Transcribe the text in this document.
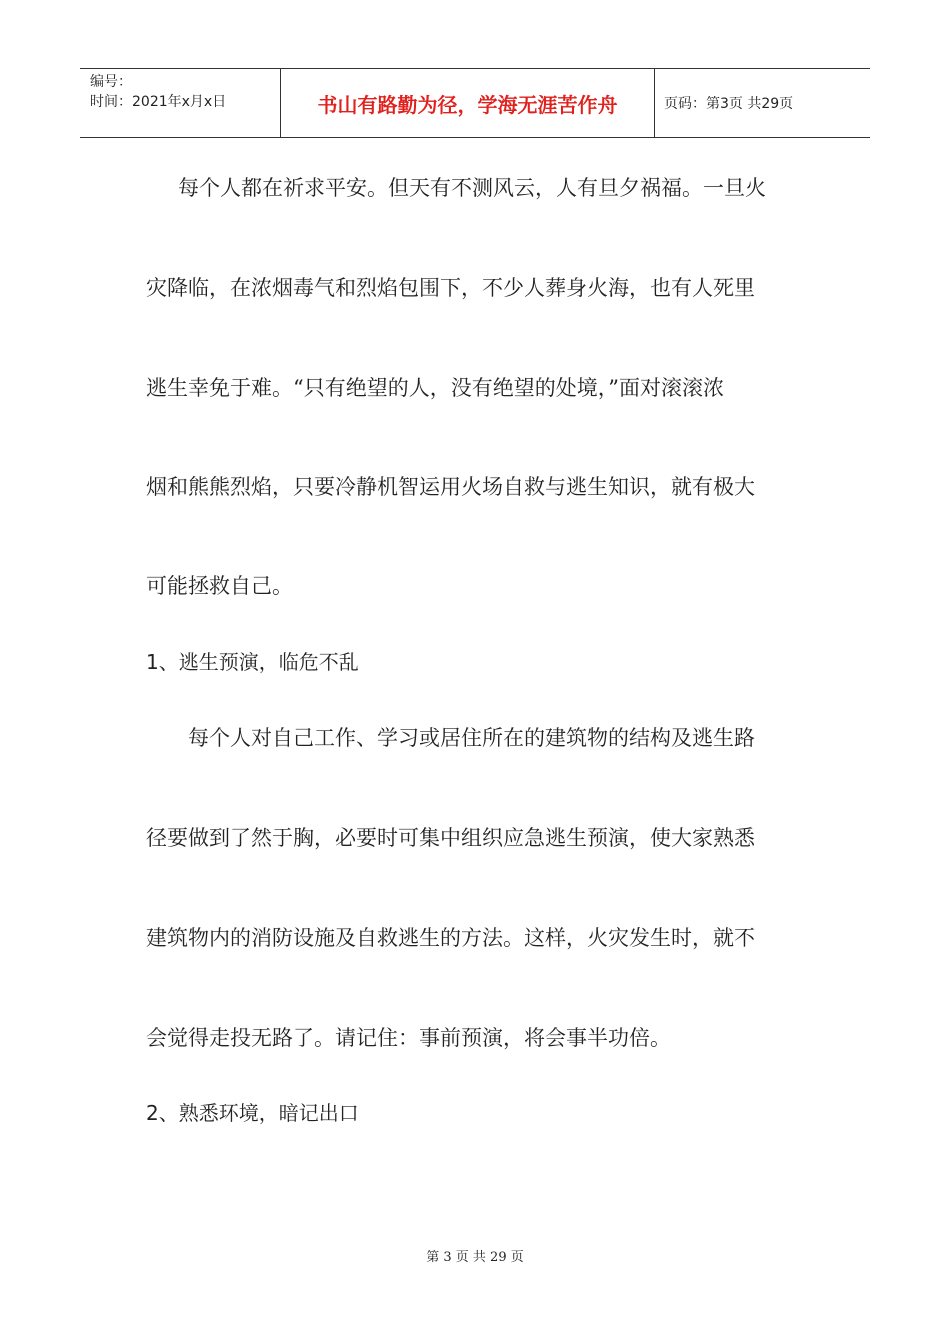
编号：
时间：2021年x月x日	书山有路勤为径，学海无涯苦作舟	页码：第3页 共29页
每个人都在祈求平安。但天有不测风云，人有旦夕祸福。一旦火
灾降临，在浓烟毒气和烈焰包围下，不少人葬身火海，也有人死里
逃生幸免于难。“只有绝望的人，没有绝望的处境，”面对滚滚浓
烟和熊熊烈焰，只要冷静机智运用火场自救与逃生知识，就有极大
可能拯救自己。
1、逃生预演，临危不乱
每个人对自己工作、学习或居住所在的建筑物的结构及逃生路
径要做到了然于胸，必要时可集中组织应急逃生预演，使大家熟悉
建筑物内的消防设施及自救逃生的方法。这样，火灾发生时，就不
会觉得走投无路了。请记住：事前预演，将会事半功倍。
2、熟悉环境，暗记出口
第 3 页 共 29 页
